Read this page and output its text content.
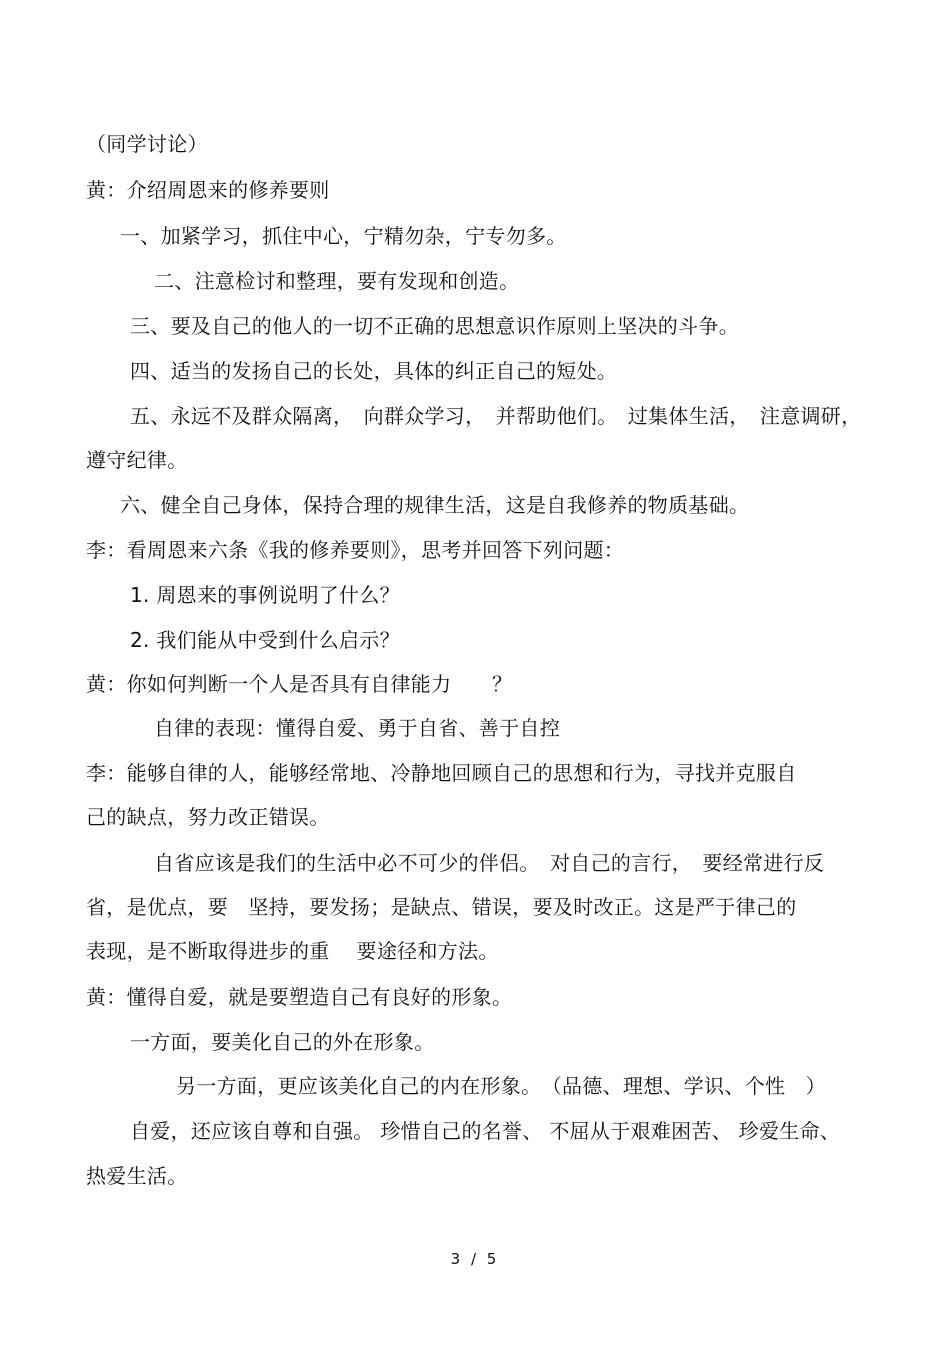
（同学讨论）
黄：介绍周恩来的修养要则
一、加紧学习，抓住中心，宁精勿杂，宁专勿多。
二、注意检讨和整理，要有发现和创造。
三、要及自己的他人的一切不正确的思想意识作原则上坚决的斗争。
四、适当的发扬自己的长处，具体的纠正自己的短处。
五、永远不及群众隔离，　向群众学习，　并帮助他们。　过集体生活，　注意调研，
遵守纪律。
六、健全自己身体，保持合理的规律生活，这是自我修养的物质基础。
李：看周恩来六条《我的修养要则》，思考并回答下列问题：
1. 周恩来的事例说明了什么？
2. 我们能从中受到什么启示？
黄：你如何判断一个人是否具有自律能力　　？
自律的表现：懂得自爱、勇于自省、善于自控
李：能够自律的人，能够经常地、冷静地回顾自己的思想和行为，寻找并克服自
己的缺点，努力改正错误。
自省应该是我们的生活中必不可少的伴侣。　对自己的言行，　要经常进行反
省，是优点，要　坚持，要发扬；是缺点、错误，要及时改正。这是严于律己的
表现，是不断取得进步的重　 要途径和方法。
黄：懂得自爱，就是要塑造自己有良好的形象。
一方面，要美化自己的外在形象。
另一方面，更应该美化自己的内在形象。　（品德、理想、学识、个性　）
自爱，还应该自尊和自强。 珍惜自己的名誉、 不屈从于艰难困苦、 珍爱生命、
热爱生活。
3 / 5
